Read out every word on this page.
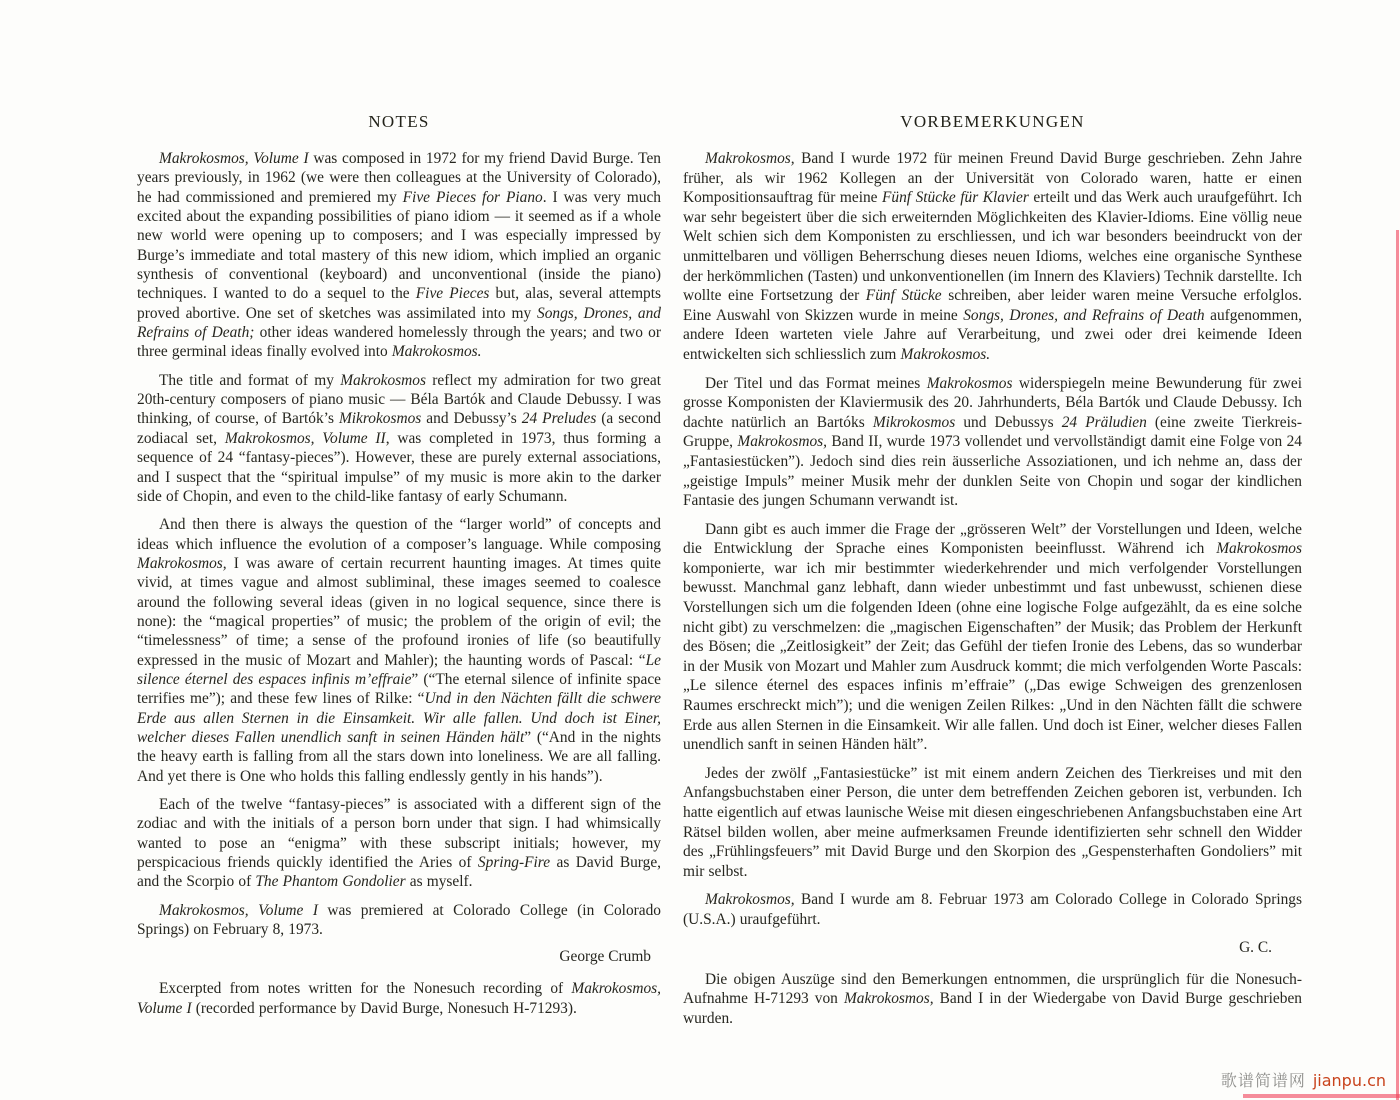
NOTES

Makrokosmos, Volume I was composed in 1972 for my friend David Burge. Ten years previously, in 1962 (we were then colleagues at the University of Colorado), he had commissioned and premiered my Five Pieces for Piano. I was very much excited about the expanding possibilities of piano idiom — it seemed as if a whole new world were opening up to composers; and I was especially impressed by Burge’s immediate and total mastery of this new idiom, which implied an organic synthesis of conventional (keyboard) and unconventional (inside the piano) techniques. I wanted to do a sequel to the Five Pieces but, alas, several attempts proved abortive. One set of sketches was assimilated into my Songs, Drones, and Refrains of Death; other ideas wandered homelessly through the years; and two or three germinal ideas finally evolved into Makrokosmos.

The title and format of my Makrokosmos reflect my admiration for two great 20th-century composers of piano music — Béla Bartók and Claude Debussy. I was thinking, of course, of Bartók’s Mikrokosmos and Debussy’s 24 Preludes (a second zodiacal set, Makrokosmos, Volume II, was completed in 1973, thus forming a sequence of 24 “fantasy-pieces”). However, these are purely external associations, and I suspect that the “spiritual impulse” of my music is more akin to the darker side of Chopin, and even to the child-like fantasy of early Schumann.

And then there is always the question of the “larger world” of concepts and ideas which influence the evolution of a composer’s language. While composing Makrokosmos, I was aware of certain recurrent haunting images. At times quite vivid, at times vague and almost subliminal, these images seemed to coalesce around the following several ideas (given in no logical sequence, since there is none): the “magical properties” of music; the problem of the origin of evil; the “timelessness” of time; a sense of the profound ironies of life (so beautifully expressed in the music of Mozart and Mahler); the haunting words of Pascal: “Le silence éternel des espaces infinis m’effraie” (“The eternal silence of infinite space terrifies me”); and these few lines of Rilke: “Und in den Nächten fällt die schwere Erde aus allen Sternen in die Einsamkeit. Wir alle fallen. Und doch ist Einer, welcher dieses Fallen unendlich sanft in seinen Händen hält” (“And in the nights the heavy earth is falling from all the stars down into loneliness. We are all falling. And yet there is One who holds this falling endlessly gently in his hands”).

Each of the twelve “fantasy-pieces” is associated with a different sign of the zodiac and with the initials of a person born under that sign. I had whimsically wanted to pose an “enigma” with these subscript initials; however, my perspicacious friends quickly identified the Aries of Spring-Fire as David Burge, and the Scorpio of The Phantom Gondolier as myself.

Makrokosmos, Volume I was premiered at Colorado College (in Colorado Springs) on February 8, 1973.

George Crumb

Excerpted from notes written for the Nonesuch recording of Makrokosmos, Volume I (recorded performance by David Burge, Nonesuch H-71293).

VORBEMERKUNGEN

Makrokosmos, Band I wurde 1972 für meinen Freund David Burge geschrieben. Zehn Jahre früher, als wir 1962 Kollegen an der Universität von Colorado waren, hatte er einen Kompositionsauftrag für meine Fünf Stücke für Klavier erteilt und das Werk auch uraufgeführt. Ich war sehr begeistert über die sich erweiternden Möglichkeiten des Klavier-Idioms. Eine völlig neue Welt schien sich dem Komponisten zu erschliessen, und ich war besonders beeindruckt von der unmittelbaren und völligen Beherrschung dieses neuen Idioms, welches eine organische Synthese der herkömmlichen (Tasten) und unkonventionellen (im Innern des Klaviers) Technik darstellte. Ich wollte eine Fortsetzung der Fünf Stücke schreiben, aber leider waren meine Versuche erfolglos. Eine Auswahl von Skizzen wurde in meine Songs, Drones, and Refrains of Death aufgenommen, andere Ideen warteten viele Jahre auf Verarbeitung, und zwei oder drei keimende Ideen entwickelten sich schliesslich zum Makrokosmos.

Der Titel und das Format meines Makrokosmos widerspiegeln meine Bewunderung für zwei grosse Komponisten der Klaviermusik des 20. Jahrhunderts, Béla Bartók und Claude Debussy. Ich dachte natürlich an Bartóks Mikrokosmos und Debussys 24 Präludien (eine zweite Tierkreis-Gruppe, Makrokosmos, Band II, wurde 1973 vollendet und vervollständigt damit eine Folge von 24 „Fantasiestücken”). Jedoch sind dies rein äusserliche Assoziationen, und ich nehme an, dass der „geistige Impuls” meiner Musik mehr der dunklen Seite von Chopin und sogar der kindlichen Fantasie des jungen Schumann verwandt ist.

Dann gibt es auch immer die Frage der „grösseren Welt” der Vorstellungen und Ideen, welche die Entwicklung der Sprache eines Komponisten beeinflusst. Während ich Makrokosmos komponierte, war ich mir bestimmter wiederkehrender und mich verfolgender Vorstellungen bewusst. Manchmal ganz lebhaft, dann wieder unbestimmt und fast unbewusst, schienen diese Vorstellungen sich um die folgenden Ideen (ohne eine logische Folge aufgezählt, da es eine solche nicht gibt) zu verschmelzen: die „magischen Eigenschaften” der Musik; das Problem der Herkunft des Bösen; die „Zeitlosigkeit” der Zeit; das Gefühl der tiefen Ironie des Lebens, das so wunderbar in der Musik von Mozart und Mahler zum Ausdruck kommt; die mich verfolgenden Worte Pascals: „Le silence éternel des espaces infinis m’effraie” („Das ewige Schweigen des grenzenlosen Raumes erschreckt mich”); und die wenigen Zeilen Rilkes: „Und in den Nächten fällt die schwere Erde aus allen Sternen in die Einsamkeit. Wir alle fallen. Und doch ist Einer, welcher dieses Fallen unendlich sanft in seinen Händen hält”.

Jedes der zwölf „Fantasiestücke” ist mit einem andern Zeichen des Tierkreises und mit den Anfangsbuchstaben einer Person, die unter dem betreffenden Zeichen geboren ist, verbunden. Ich hatte eigentlich auf etwas launische Weise mit diesen eingeschriebenen Anfangsbuchstaben eine Art Rätsel bilden wollen, aber meine aufmerksamen Freunde identifizierten sehr schnell den Widder des „Frühlingsfeuers” mit David Burge und den Skorpion des „Gespensterhaften Gondoliers” mit mir selbst.

Makrokosmos, Band I wurde am 8. Februar 1973 am Colorado College in Colorado Springs (U.S.A.) uraufgeführt.

G. C.

Die obigen Auszüge sind den Bemerkungen entnommen, die ursprünglich für die Nonesuch-Aufnahme H-71293 von Makrokosmos, Band I in der Wiedergabe von David Burge geschrieben wurden.

歌谱简谱网 jianpu.cn
